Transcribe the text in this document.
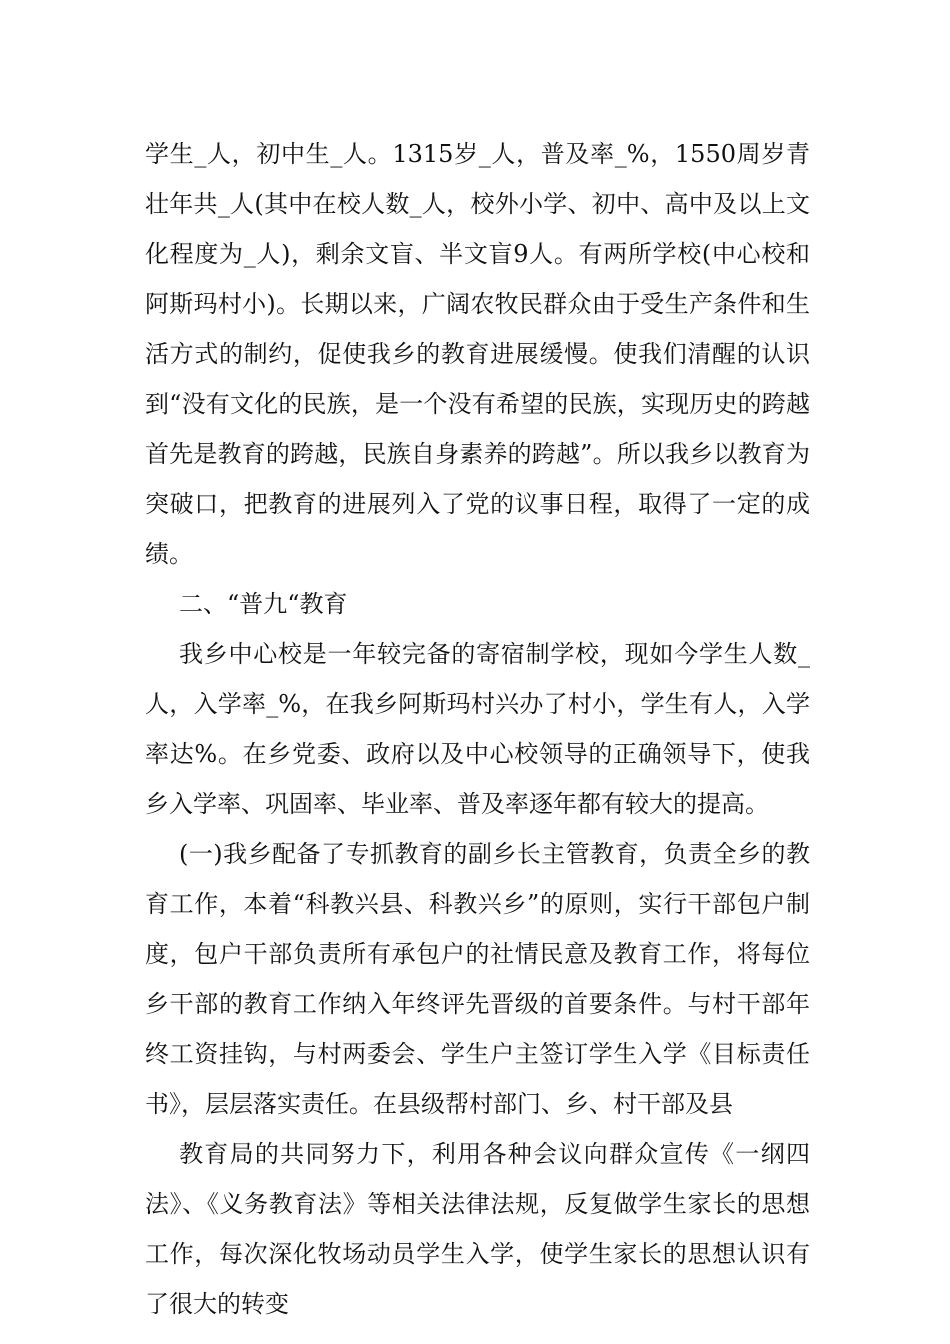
学生_人，初中生_人。1315岁_人，普及率_%，1550周岁青壮年共_人(其中在校人数_人，校外小学、初中、高中及以上文化程度为_人)，剩余文盲、半文盲9人。有两所学校(中心校和阿斯玛村小)。长期以来，广阔农牧民群众由于受生产条件和生活方式的制约，促使我乡的教育进展缓慢。使我们清醒的认识到“没有文化的民族，是一个没有希望的民族，实现历史的跨越首先是教育的跨越，民族自身素养的跨越”。所以我乡以教育为突破口，把教育的进展列入了党的议事日程，取得了一定的成绩。

二、“普九“教育

我乡中心校是一年较完备的寄宿制学校，现如今学生人数_人，入学率_%，在我乡阿斯玛村兴办了村小，学生有人，入学率达%。在乡党委、政府以及中心校领导的正确领导下，使我乡入学率、巩固率、毕业率、普及率逐年都有较大的提高。

(一)我乡配备了专抓教育的副乡长主管教育，负责全乡的教育工作，本着“科教兴县、科教兴乡”的原则，实行干部包户制度，包户干部负责所有承包户的社情民意及教育工作，将每位乡干部的教育工作纳入年终评先晋级的首要条件。与村干部年终工资挂钩，与村两委会、学生户主签订学生入学《目标责任书》，层层落实责任。在县级帮村部门、乡、村干部及县

教育局的共同努力下，利用各种会议向群众宣传《一纲四法》、《义务教育法》等相关法律法规，反复做学生家长的思想工作，每次深化牧场动员学生入学，使学生家长的思想认识有了很大的转变
